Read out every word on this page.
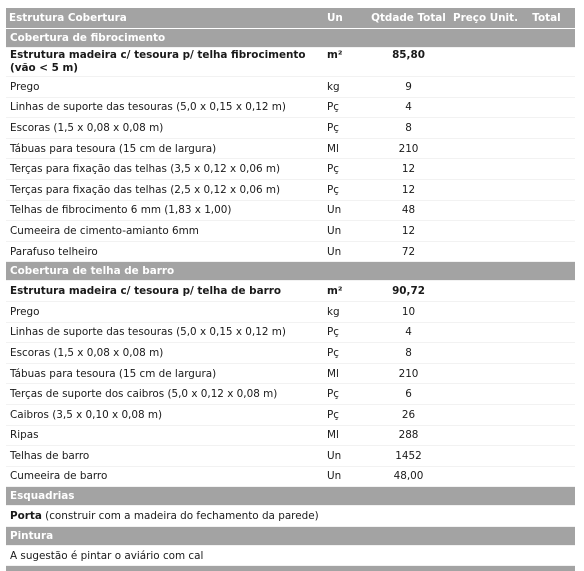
Estrutura Cobertura	Un	Qtdade Total	Preço Unit.	Total
Cobertura de fibrocimento				
Estrutura madeira c/ tesoura p/ telha fibrocimento (vão < 5 m)	m²	85,80		
Prego	kg	9		
Linhas de suporte das tesouras (5,0 x 0,15 x 0,12 m)	Pç	4		
Escoras (1,5 x 0,08 x 0,08 m)	Pç	8		
Tábuas para tesoura (15 cm de largura)	Ml	210		
Terças para fixação das telhas (3,5 x 0,12 x 0,06 m)	Pç	12		
Terças para fixação das telhas (2,5 x 0,12 x 0,06 m)	Pç	12		
Telhas de fibrocimento 6 mm (1,83 x 1,00)	Un	48		
Cumeeira de cimento-amianto 6mm	Un	12		
Parafuso telheiro	Un	72		
Cobertura de telha de barro				
Estrutura madeira c/ tesoura p/ telha de barro	m²	90,72		
Prego	kg	10		
Linhas de suporte das tesouras (5,0 x 0,15 x 0,12 m)	Pç	4		
Escoras (1,5 x 0,08 x 0,08 m)	Pç	8		
Tábuas para tesoura (15 cm de largura)	Ml	210		
Terças de suporte dos caibros (5,0 x 0,12 x 0,08 m)	Pç	6		
Caibros (3,5 x 0,10 x 0,08 m)	Pç	26		
Ripas	Ml	288		
Telhas de barro	Un	1452		
Cumeeira de barro	Un	48,00		
Esquadrias				
Porta (construir com a madeira do fechamento da parede)				
Pintura				
A sugestão é pintar o aviário com cal				
